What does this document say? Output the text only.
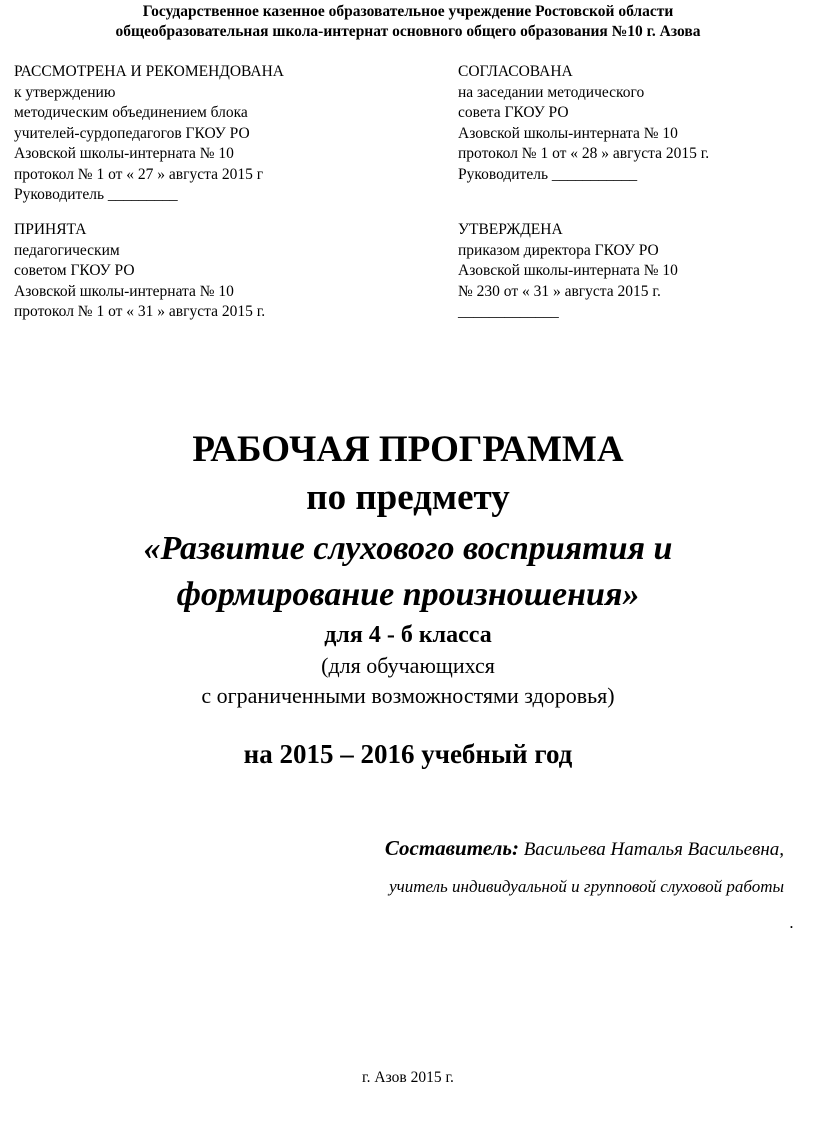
Государственное казенное образовательное учреждение Ростовской области
общеобразовательная школа-интернат основного общего образования №10 г. Азова
РАССМОТРЕНА И РЕКОМЕНДОВАНА
к утверждению
методическим объединением блока
учителей-сурдопедагогов ГКОУ РО
Азовской школы-интерната № 10
протокол № 1 от « 27 » августа 2015 г
Руководитель _________
СОГЛАСОВАНА
на заседании методического
совета ГКОУ РО
Азовской школы-интерната № 10
протокол № 1 от « 28 » августа 2015 г.
Руководитель ___________
ПРИНЯТА
педагогическим
советом ГКОУ РО
Азовской школы-интерната № 10
протокол № 1 от « 31 » августа 2015 г.
УТВЕРЖДЕНА
приказом директора ГКОУ РО
Азовской школы-интерната № 10
№ 230 от « 31 » августа 2015 г.
_____________
РАБОЧАЯ ПРОГРАММА
по предмету
«Развитие слухового восприятия и
формирование произношения»
для 4 - б класса
(для обучающихся
с ограниченными возможностями здоровья)
на 2015 – 2016 учебный год
Составитель: Васильева Наталья Васильевна,
учитель индивидуальной и групповой слуховой работы
.
г. Азов 2015 г.
